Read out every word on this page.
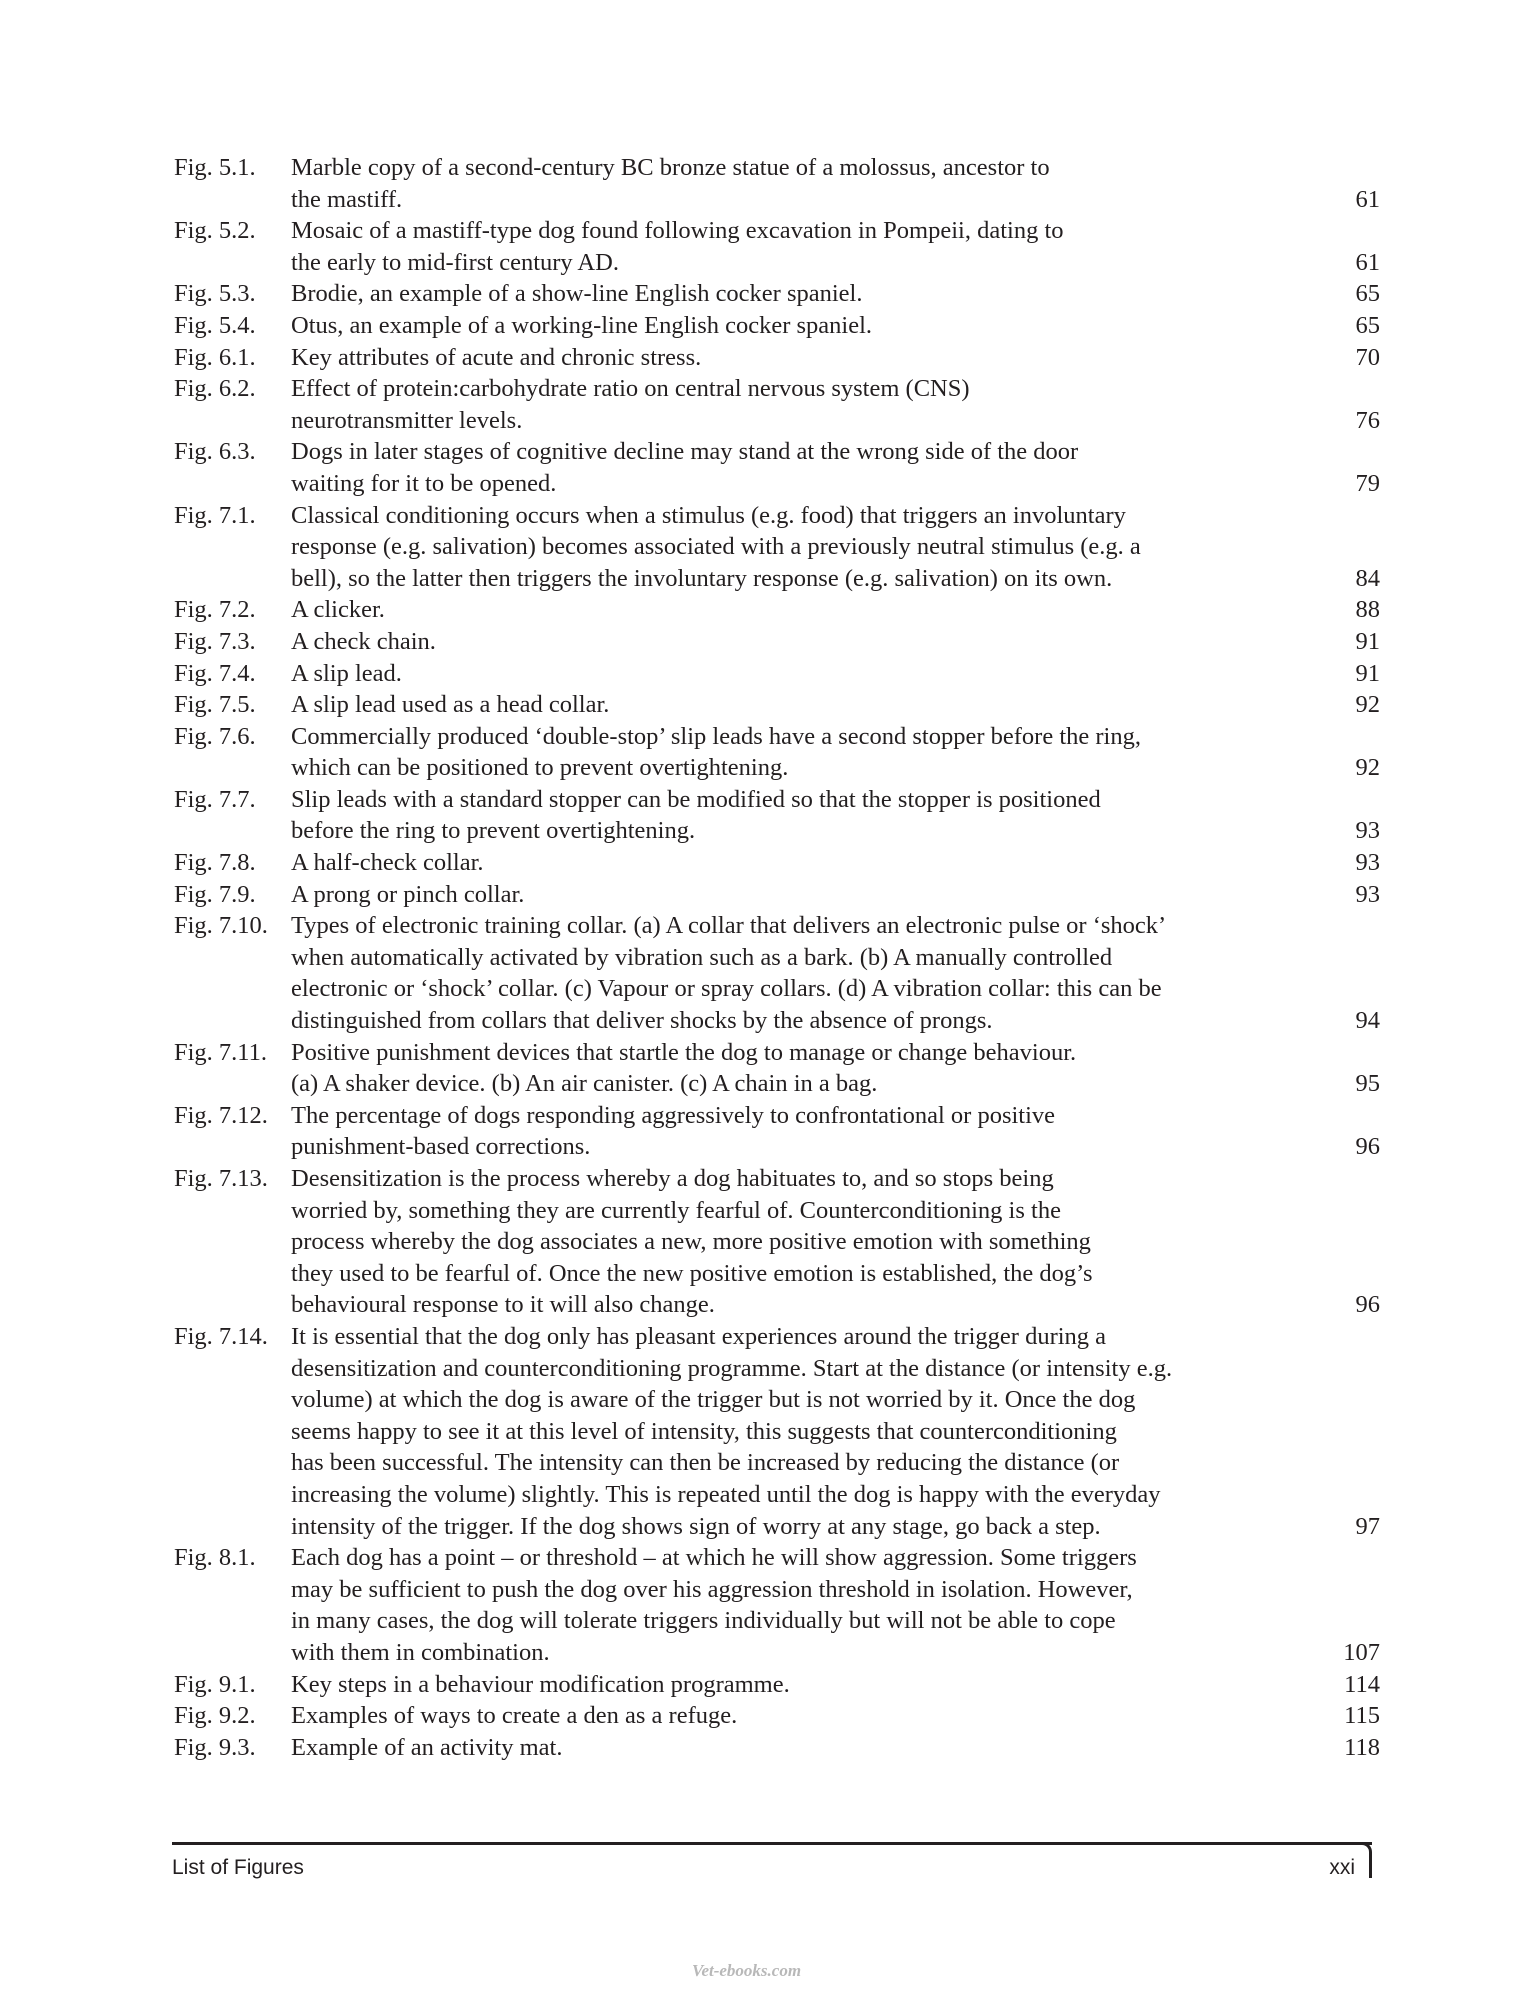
Fig. 5.1.	Marble copy of a second-century BC bronze statue of a molossus, ancestor to
the mastiff.	61
Fig. 5.2.	Mosaic of a mastiff-type dog found following excavation in Pompeii, dating to
the early to mid-first century AD.	61
Fig. 5.3.	Brodie, an example of a show-line English cocker spaniel.	65
Fig. 5.4.	Otus, an example of a working-line English cocker spaniel.	65
Fig. 6.1.	Key attributes of acute and chronic stress.	70
Fig. 6.2.	Effect of protein:carbohydrate ratio on central nervous system (CNS)
neurotransmitter levels.	76
Fig. 6.3.	Dogs in later stages of cognitive decline may stand at the wrong side of the door
waiting for it to be opened.	79
Fig. 7.1.	Classical conditioning occurs when a stimulus (e.g. food) that triggers an involuntary
response (e.g. salivation) becomes associated with a previously neutral stimulus (e.g. a
bell), so the latter then triggers the involuntary response (e.g. salivation) on its own.	84
Fig. 7.2.	A clicker.	88
Fig. 7.3.	A check chain.	91
Fig. 7.4.	A slip lead.	91
Fig. 7.5.	A slip lead used as a head collar.	92
Fig. 7.6.	Commercially produced ‘double-stop’ slip leads have a second stopper before the ring,
which can be positioned to prevent overtightening.	92
Fig. 7.7.	Slip leads with a standard stopper can be modified so that the stopper is positioned
before the ring to prevent overtightening.	93
Fig. 7.8.	A half-check collar.	93
Fig. 7.9.	A prong or pinch collar.	93
Fig. 7.10. Types of electronic training collar. (a) A collar that delivers an electronic pulse or ‘shock’
when automatically activated by vibration such as a bark. (b) A manually controlled
electronic or ‘shock’ collar. (c) Vapour or spray collars. (d) A vibration collar: this can be
distinguished from collars that deliver shocks by the absence of prongs.	94
Fig. 7.11. Positive punishment devices that startle the dog to manage or change behaviour.
(a) A shaker device. (b) An air canister. (c) A chain in a bag.	95
Fig. 7.12. The percentage of dogs responding aggressively to confrontational or positive
punishment-based corrections.	96
Fig. 7.13. Desensitization is the process whereby a dog habituates to, and so stops being
worried by, something they are currently fearful of. Counterconditioning is the
process whereby the dog associates a new, more positive emotion with something
they used to be fearful of. Once the new positive emotion is established, the dog’s
behavioural response to it will also change.	96
Fig. 7.14. It is essential that the dog only has pleasant experiences around the trigger during a
desensitization and counterconditioning programme. Start at the distance (or intensity e.g.
volume) at which the dog is aware of the trigger but is not worried by it. Once the dog
seems happy to see it at this level of intensity, this suggests that counterconditioning
has been successful. The intensity can then be increased by reducing the distance (or
increasing the volume) slightly. This is repeated until the dog is happy with the everyday
intensity of the trigger. If the dog shows sign of worry at any stage, go back a step.	97
Fig. 8.1.	Each dog has a point – or threshold – at which he will show aggression. Some triggers
may be sufficient to push the dog over his aggression threshold in isolation. However,
in many cases, the dog will tolerate triggers individually but will not be able to cope
with them in combination.	107
Fig. 9.1.	Key steps in a behaviour modification programme.	114
Fig. 9.2.	Examples of ways to create a den as a refuge.	115
Fig. 9.3.	Example of an activity mat.	118
List of Figures	xxi
Vet-ebooks.com
